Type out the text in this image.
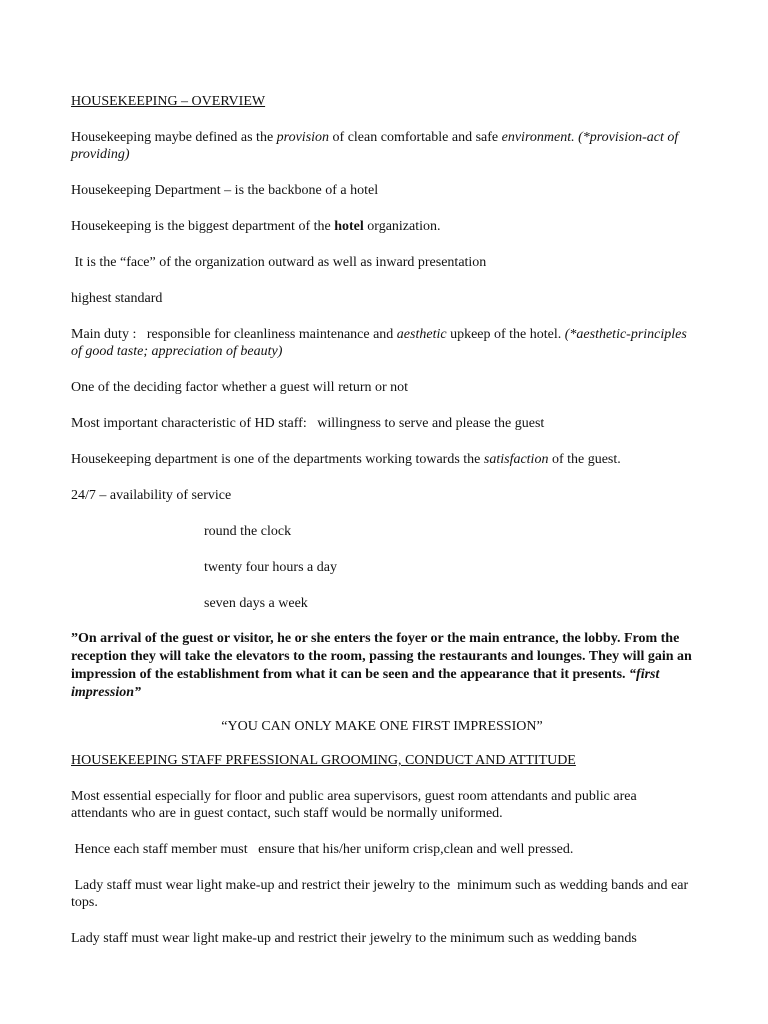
HOUSEKEEPING – OVERVIEW

Housekeeping maybe defined as the provision of clean comfortable and safe environment. (*provision-act of providing)

Housekeeping Department – is the backbone of a hotel

Housekeeping is the biggest department of the hotel organization.

It is the “face” of the organization outward as well as inward presentation

highest standard

Main duty :   responsible for cleanliness maintenance and aesthetic upkeep of the hotel. (*aesthetic-principles of good taste; appreciation of beauty)

One of the deciding factor whether a guest will return or not

Most important characteristic of HD staff:   willingness to serve and please the guest

Housekeeping department is one of the departments working towards the satisfaction of the guest.

24/7 – availability of service

round the clock

twenty four hours a day

seven days a week

”On arrival of the guest or visitor, he or she enters the foyer or the main entrance, the lobby. From the reception they will take the elevators to the room, passing the restaurants and lounges. They will gain an impression of the establishment from what it can be seen and the appearance that it presents. “first impression”

“YOU CAN ONLY MAKE ONE FIRST IMPRESSION”

HOUSEKEEPING STAFF PRFESSIONAL GROOMING, CONDUCT AND ATTITUDE

Most essential especially for floor and public area supervisors, guest room attendants and public area attendants who are in guest contact, such staff would be normally uniformed.

Hence each staff member must   ensure that his/her uniform crisp,clean and well pressed.

Lady staff must wear light make-up and restrict their jewelry to the  minimum such as wedding bands and ear tops.

Lady staff must wear light make-up and restrict their jewelry to the minimum such as wedding bands
